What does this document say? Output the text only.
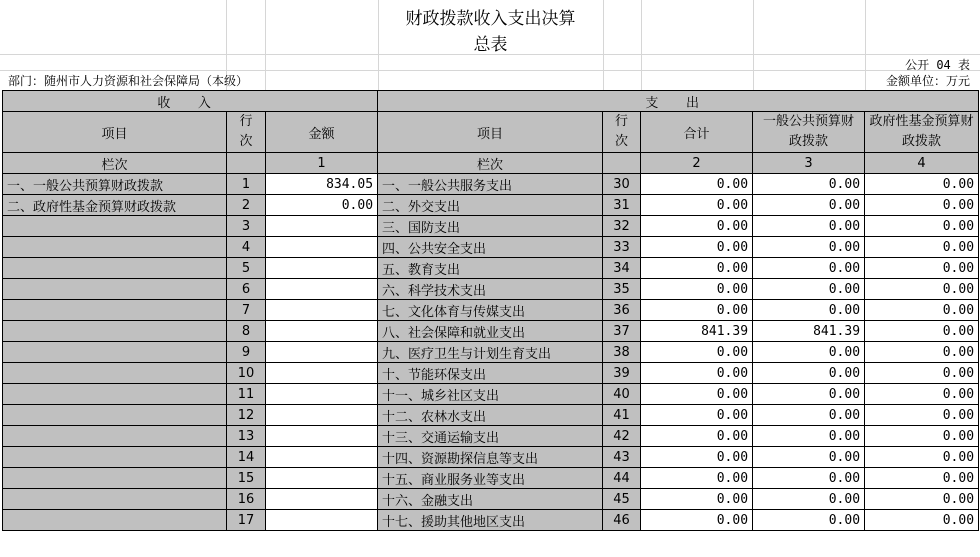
财政拨款收入支出决算
总表
公开 04 表
部门：随州市人力资源和社会保障局（本级）	金额单位：万元
收 入			支 出				
项目	行次	金额	项目	行次	合计	一般公共预算财政拨款	政府性基金预算财政拨款
栏次		1	栏次		2	3	4
一、一般公共预算财政拨款	1	834.05	一、一般公共服务支出	30	0.00	0.00	0.00
二、政府性基金预算财政拨款	2	0.00	二、外交支出	31	0.00	0.00	0.00
	3		三、国防支出	32	0.00	0.00	0.00
	4		四、公共安全支出	33	0.00	0.00	0.00
	5		五、教育支出	34	0.00	0.00	0.00
	6		六、科学技术支出	35	0.00	0.00	0.00
	7		七、文化体育与传媒支出	36	0.00	0.00	0.00
	8		八、社会保障和就业支出	37	841.39	841.39	0.00
	9		九、医疗卫生与计划生育支出	38	0.00	0.00	0.00
	10		十、节能环保支出	39	0.00	0.00	0.00
	11		十一、城乡社区支出	40	0.00	0.00	0.00
	12		十二、农林水支出	41	0.00	0.00	0.00
	13		十三、交通运输支出	42	0.00	0.00	0.00
	14		十四、资源勘探信息等支出	43	0.00	0.00	0.00
	15		十五、商业服务业等支出	44	0.00	0.00	0.00
	16		十六、金融支出	45	0.00	0.00	0.00
	17		十七、援助其他地区支出	46	0.00	0.00	0.00
